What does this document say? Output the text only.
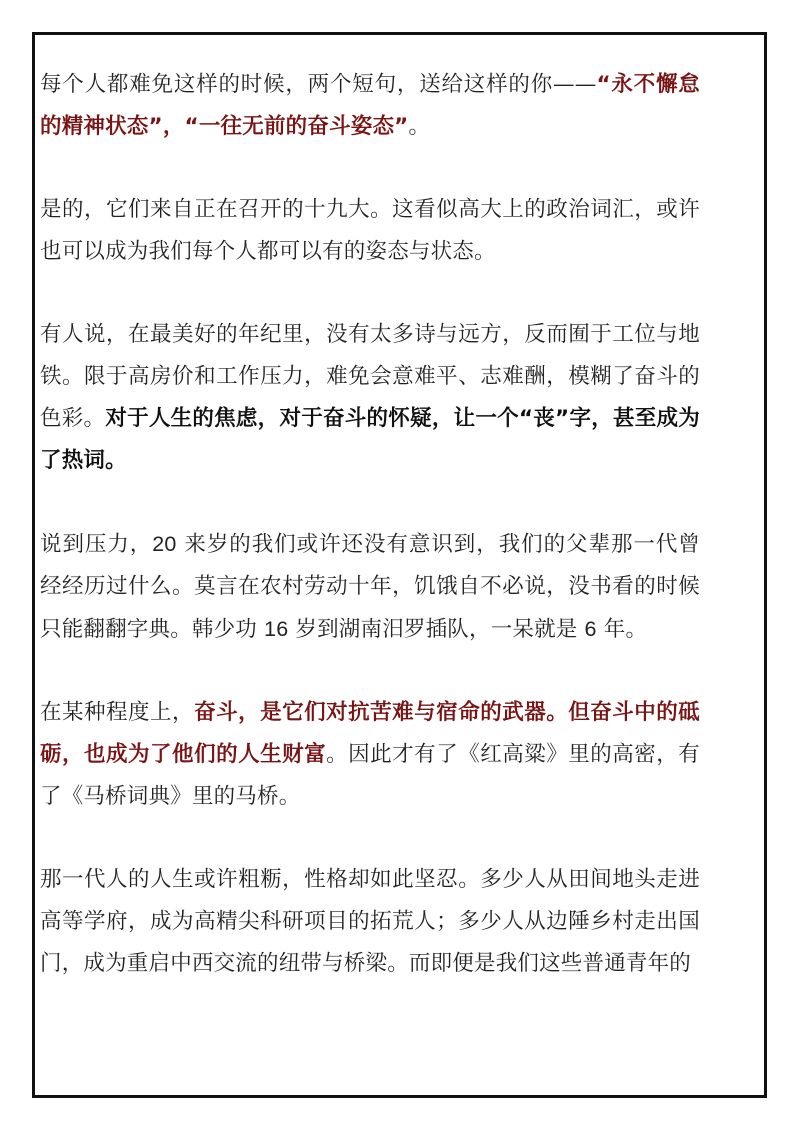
每个人都难免这样的时候，两个短句，送给这样的你——“永不懈怠的精神状态”，“一往无前的奋斗姿态”。

是的，它们来自正在召开的十九大。这看似高大上的政治词汇，或许也可以成为我们每个人都可以有的姿态与状态。

有人说，在最美好的年纪里，没有太多诗与远方，反而囿于工位与地铁。限于高房价和工作压力，难免会意难平、志难酬，模糊了奋斗的色彩。对于人生的焦虑，对于奋斗的怀疑，让一个“丧”字，甚至成为了热词。

说到压力，20 来岁的我们或许还没有意识到，我们的父辈那一代曾经经历过什么。莫言在农村劳动十年，饥饿自不必说，没书看的时候只能翻翻字典。韩少功 16 岁到湖南汨罗插队，一呆就是 6 年。

在某种程度上，奋斗，是它们对抗苦难与宿命的武器。但奋斗中的砥砺，也成为了他们的人生财富。因此才有了《红高粱》里的高密，有了《马桥词典》里的马桥。

那一代人的人生或许粗粝，性格却如此坚忍。多少人从田间地头走进高等学府，成为高精尖科研项目的拓荒人；多少人从边陲乡村走出国门，成为重启中西交流的纽带与桥梁。而即便是我们这些普通青年的
